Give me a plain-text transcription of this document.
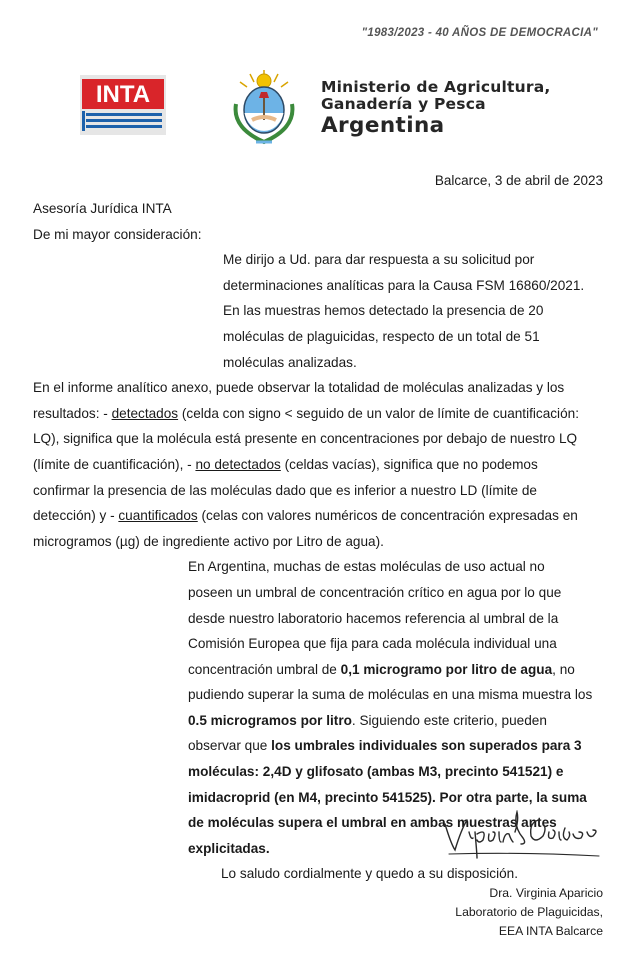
"1983/2023 - 40 AÑOS DE DEMOCRACIA"
INTA	Ministerio de Agricultura,
Ganadería y Pesca
Argentina
Balcarce, 3 de abril de 2023

Asesoría Jurídica INTA

De mi mayor consideración:

Me dirijo a Ud. para dar respuesta a su solicitud por determinaciones analíticas para la Causa FSM 16860/2021. En las muestras hemos detectado la presencia de 20 moléculas de plaguicidas, respecto de un total de 51 moléculas analizadas.

En el informe analítico anexo, puede observar la totalidad de moléculas analizadas y los resultados: - detectados (celda con signo < seguido de un valor de límite de cuantificación: LQ), significa que la molécula está presente en concentraciones por debajo de nuestro LQ (límite de cuantificación), - no detectados (celdas vacías), significa que no podemos confirmar la presencia de las moléculas dado que es inferior a nuestro LD (límite de detección) y - cuantificados (celas con valores numéricos de concentración expresadas en microgramos (µg) de ingrediente activo por Litro de agua).

En Argentina, muchas de estas moléculas de uso actual no poseen un umbral de concentración crítico en agua por lo que desde nuestro laboratorio hacemos referencia al umbral de la Comisión Europea que fija para cada molécula individual una concentración umbral de 0,1 microgramo por litro de agua, no pudiendo superar la suma de moléculas en una misma muestra los 0.5 microgramos por litro. Siguiendo este criterio, pueden observar que los umbrales individuales son superados para 3 moléculas: 2,4D y glifosato (ambas M3, precinto 541521) e imidacroprid (en M4, precinto 541525). Por otra parte, la suma de moléculas supera el umbral en ambas muestras antes explicitadas.

Lo saludo cordialmente y quedo a su disposición.

Dra. Virginia Aparicio
Laboratorio de Plaguicidas,
EEA INTA Balcarce
